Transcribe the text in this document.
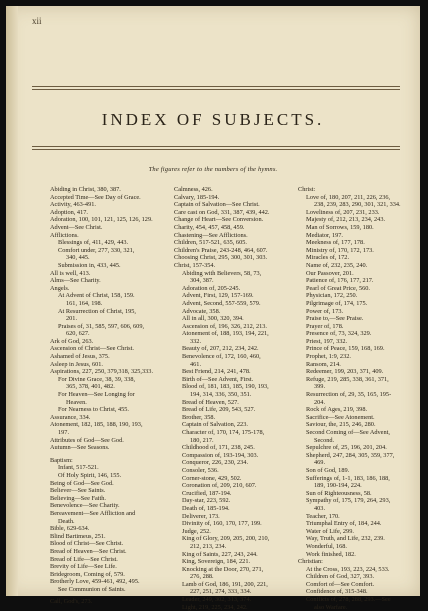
xii
INDEX OF SUBJECTS.
The figures refer to the numbers of the hymns.
Abiding in Christ, 380, 387.
Accepted Time—See Day of Grace.
Activity, 463-491.
Adoption, 417.
Adoration, 100, 101, 121, 125, 126, 129.
Advent—See Christ.
Afflictions.
Blessings of, 411, 429, 443.
Comfort under, 277, 330, 321,
340, 445.
Submission in, 433, 445.
All is well, 413.
Alms—See Charity.
Angels.
At Advent of Christ, 158, 159.
161, 164, 198.
At Resurrection of Christ, 195,
201.
Praises of, 31, 585, 597, 606, 609,
620, 627.
Ark of God, 263.
Ascension of Christ—See Christ.
Ashamed of Jesus, 375.
Asleep in Jesus, 601.
Aspirations, 227, 250, 379,318, 325,333.
For Divine Grace, 38, 39, 338,
365, 378, 401, 482.
For Heaven—See Longing for
Heaven.
For Nearness to Christ, 455.
Assurance, 334.
Atonement, 182, 185, 188, 190, 193,
197.
Attributes of God—See God.
Autumn—See Seasons.
Baptism:
Infant, 517-521.
Of Holy Spirit, 146, 155.
Being of God—See God.
Believer—See Saints.
Believing—See Faith.
Benevolence—See Charity.
Bereavement—See Affliction and
Death.
Bible, 629-634.
Blind Bartimeus, 251.
Blood of Christ—See Christ.
Bread of Heaven—See Christ.
Bread of Life—See Christ.
Brevity of Life—See Life.
Bridegroom, Coming of, 579.
Brotherly Love, 459-461, 492, 495.
See Communion of Saints.
Call, God's, 273.
Calmness, 426.
Calvary, 185-194.
Captain of Salvation—See Christ.
Care cast on God, 331, 387, 439, 442.
Change of Heart—See Conversion.
Charity, 454, 457, 458, 459.
Chastening—See Afflictions.
Children, 517-521, 635, 605.
Children's Praise, 243-248, 464, 607.
Choosing Christ, 295, 300, 301, 303.
Christ, 157-354.
Abiding with Believers, 58, 73,
304, 387.
Adoration of, 205-245.
Advent, First, 129, 157-169.
Advent, Second, 557-559, 579.
Advocate, 358.
All in all, 300, 320, 394.
Ascension of, 196, 326, 212, 213.
Atonement of, 188, 193, 194, 221,
332.
Beauty of, 207, 212, 234, 242.
Benevolence of, 172, 160, 460,
461.
Best Friend, 214, 241, 478.
Birth of—See Advent, First.
Blood of, 181, 183, 185, 190, 193,
194, 314, 336, 350, 351.
Bread of Heaven, 527.
Bread of Life, 209, 543, 527.
Brother, 358.
Captain of Salvation, 223.
Character of, 170, 174, 175-178,
180, 217.
Childhood of, 171, 238, 245.
Compassion of, 193-194, 303.
Conqueror, 226, 230, 234.
Consoler, 536.
Corner-stone, 429, 502.
Coronation of, 209, 210, 607.
Crucified, 187-194.
Day-star, 223, 592.
Death of, 185-194.
Deliverer, 173.
Divinity of, 160, 170, 177, 199.
Judge, 252.
King of Glory, 209, 205, 200, 210,
212, 213, 234.
King of Saints, 227, 243, 244.
King, Sovereign, 184, 221.
Knocking at the Door, 270, 271,
276, 288.
Lamb of God, 186, 191, 200, 221,
227, 251, 274, 333, 334.
Leader, 249, 302, 313, 374.
Light, 219, 225, 234, 242.
Christ:
Love of, 180, 207, 211, 226, 236,
238, 239, 283, 290, 301, 321, 334.
Loveliness of, 207, 231, 233.
Majesty of, 212, 213, 234, 243.
Man of Sorrows, 159, 180.
Mediator, 197.
Meekness of, 177, 178.
Ministry of, 170, 172, 173.
Miracles of, 172.
Name of, 232, 235, 240.
Our Passover, 201.
Patience of, 176, 177, 217.
Pearl of Great Price, 560.
Physician, 172, 250.
Pilgrimage of, 174, 175.
Power of, 173.
Praise to,—See Praise.
Prayer of, 178.
Presence of, 73, 324, 329.
Priest, 197, 332.
Prince of Peace, 159, 168, 169.
Prophet, 1:9, 232.
Ransom, 214.
Redeemer, 199, 203, 371, 409.
Refuge, 219, 285, 338, 361, 371,
399.
Resurrection of, 29, 35, 165, 195-
204.
Rock of Ages, 219, 398.
Sacrifice—See Atonement.
Saviour, the, 215, 246, 280.
Second Coming of—See Advent,
Second.
Sepulchre of, 25, 196, 201, 204.
Shepherd, 247, 284, 305, 359, 377,
469.
Son of God, 189.
Sufferings of, 1-1, 183, 186, 188,
189, 190-194, 224.
Sun of Righteousness, 58.
Sympathy of, 175, 179, 264, 293,
403.
Teacher, 170.
Triumphal Entry of, 184, 244.
Water of Life, 299.
Way, Truth, and Life, 232, 239.
Wonderful, 168.
Work finished, 182.
Christian:
At the Cross, 193, 223, 224, 533.
Children of God, 327, 393.
Comfort of—See Comfort.
Confidence of, 315-348.
Conflicts of, 278, 288, 293.—See
also Warfare.
